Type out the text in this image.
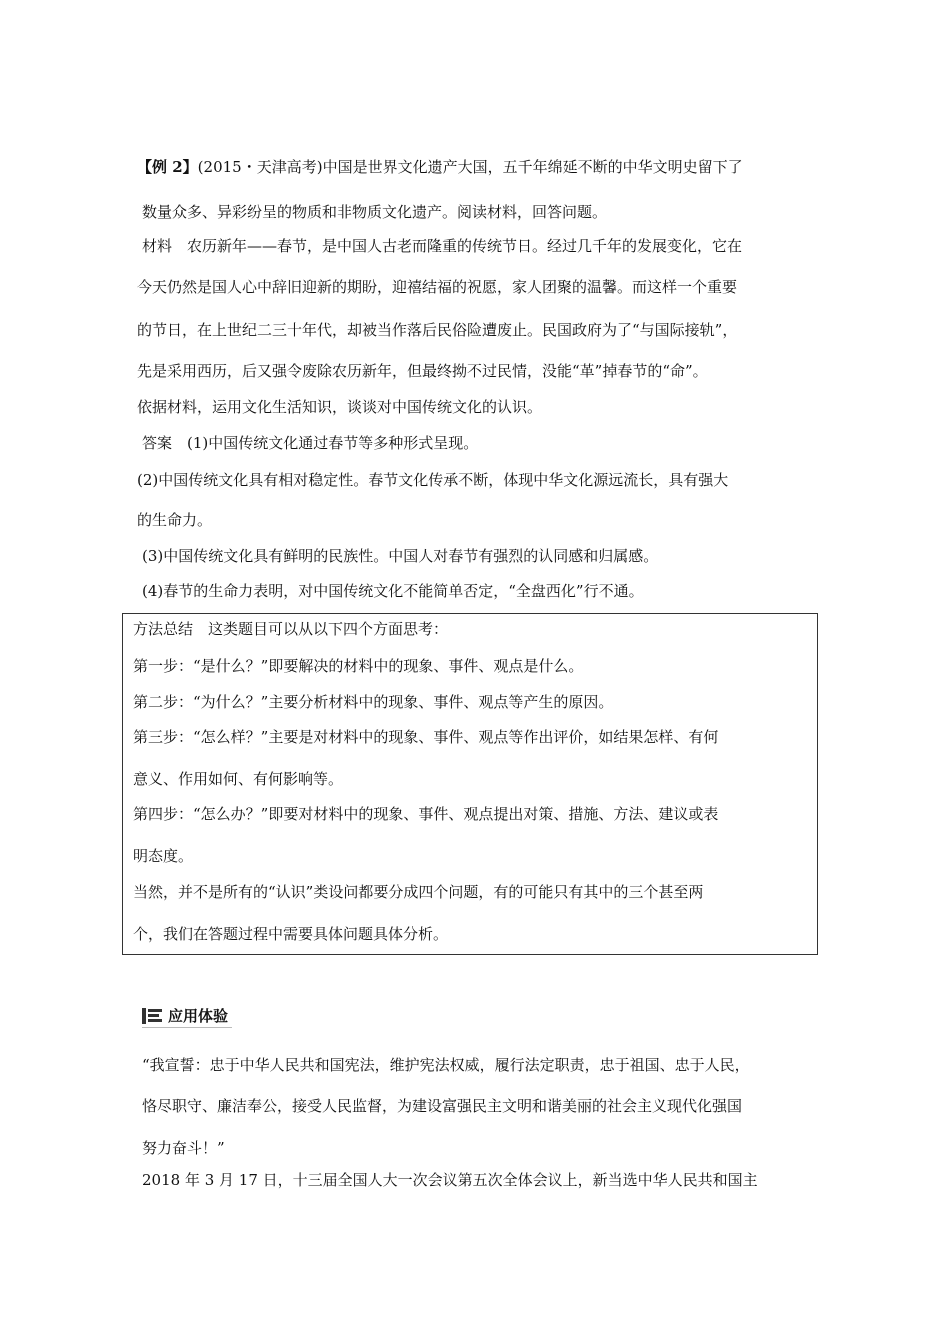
【例 2】(2015・天津高考)中国是世界文化遗产大国，五千年绵延不断的中华文明史留下了
数量众多、异彩纷呈的物质和非物质文化遗产。阅读材料，回答问题。
材料　农历新年——春节，是中国人古老而隆重的传统节日。经过几千年的发展变化，它在
今天仍然是国人心中辞旧迎新的期盼，迎禧结福的祝愿，家人团聚的温馨。而这样一个重要
的节日，在上世纪二三十年代，却被当作落后民俗险遭废止。民国政府为了“与国际接轨”，
先是采用西历，后又强令废除农历新年，但最终拗不过民情，没能“革”掉春节的“命”。
依据材料，运用文化生活知识，谈谈对中国传统文化的认识。
答案　(1)中国传统文化通过春节等多种形式呈现。
(2)中国传统文化具有相对稳定性。春节文化传承不断，体现中华文化源远流长，具有强大
的生命力。
(3)中国传统文化具有鲜明的民族性。中国人对春节有强烈的认同感和归属感。
(4)春节的生命力表明，对中国传统文化不能简单否定，“全盘西化”行不通。
方法总结　这类题目可以从以下四个方面思考：
第一步：“是什么？”即要解决的材料中的现象、事件、观点是什么。
第二步：“为什么？”主要分析材料中的现象、事件、观点等产生的原因。
第三步：“怎么样？”主要是对材料中的现象、事件、观点等作出评价，如结果怎样、有何
意义、作用如何、有何影响等。
第四步：“怎么办？”即要对材料中的现象、事件、观点提出对策、措施、方法、建议或表
明态度。
当然，并不是所有的“认识”类设问都要分成四个问题，有的可能只有其中的三个甚至两
个，我们在答题过程中需要具体问题具体分析。
应用体验
“我宣誓：忠于中华人民共和国宪法，维护宪法权威，履行法定职责，忠于祖国、忠于人民，
恪尽职守、廉洁奉公，接受人民监督，为建设富强民主文明和谐美丽的社会主义现代化强国
努力奋斗！”
2018 年 3 月 17 日，十三届全国人大一次会议第五次全体会议上，新当选中华人民共和国主
